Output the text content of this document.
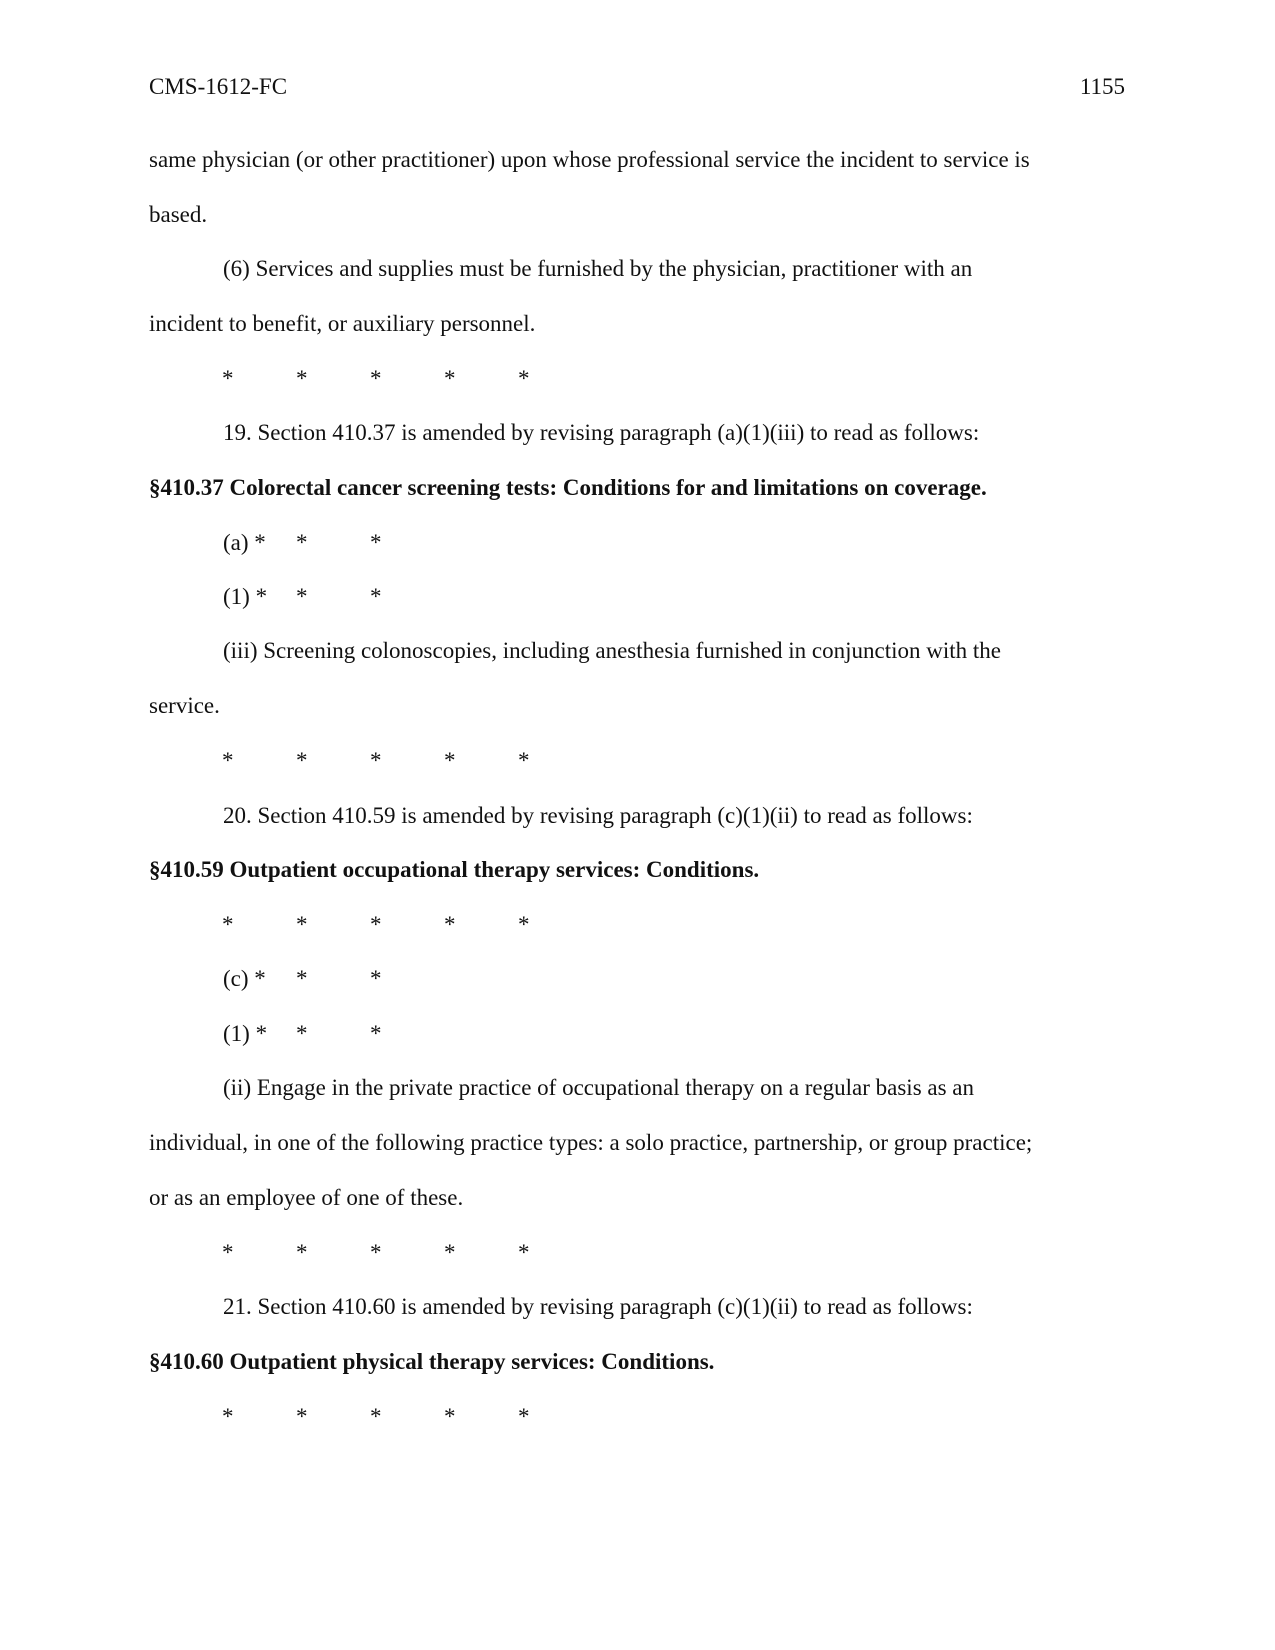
CMS-1612-FC	1155
same physician (or other practitioner) upon whose professional service the incident to service is
based.
(6) Services and supplies must be furnished by the physician, practitioner with an
incident to benefit, or auxiliary personnel.
*	*	*	*	*
19. Section 410.37 is amended by revising paragraph (a)(1)(iii) to read as follows:
§410.37 Colorectal cancer screening tests: Conditions for and limitations on coverage.
(a) * *	*
(1) * *	*
(iii) Screening colonoscopies, including anesthesia furnished in conjunction with the
service.
*	*	*	*	*
20. Section 410.59 is amended by revising paragraph (c)(1)(ii) to read as follows:
§410.59 Outpatient occupational therapy services: Conditions.
*	*	*	*	*
(c) * *	*
(1) * *	*
(ii) Engage in the private practice of occupational therapy on a regular basis as an
individual, in one of the following practice types: a solo practice, partnership, or group practice;
or as an employee of one of these.
*	*	*	*	*
21. Section 410.60 is amended by revising paragraph (c)(1)(ii) to read as follows:
§410.60 Outpatient physical therapy services: Conditions.
*	*	*	*	*
